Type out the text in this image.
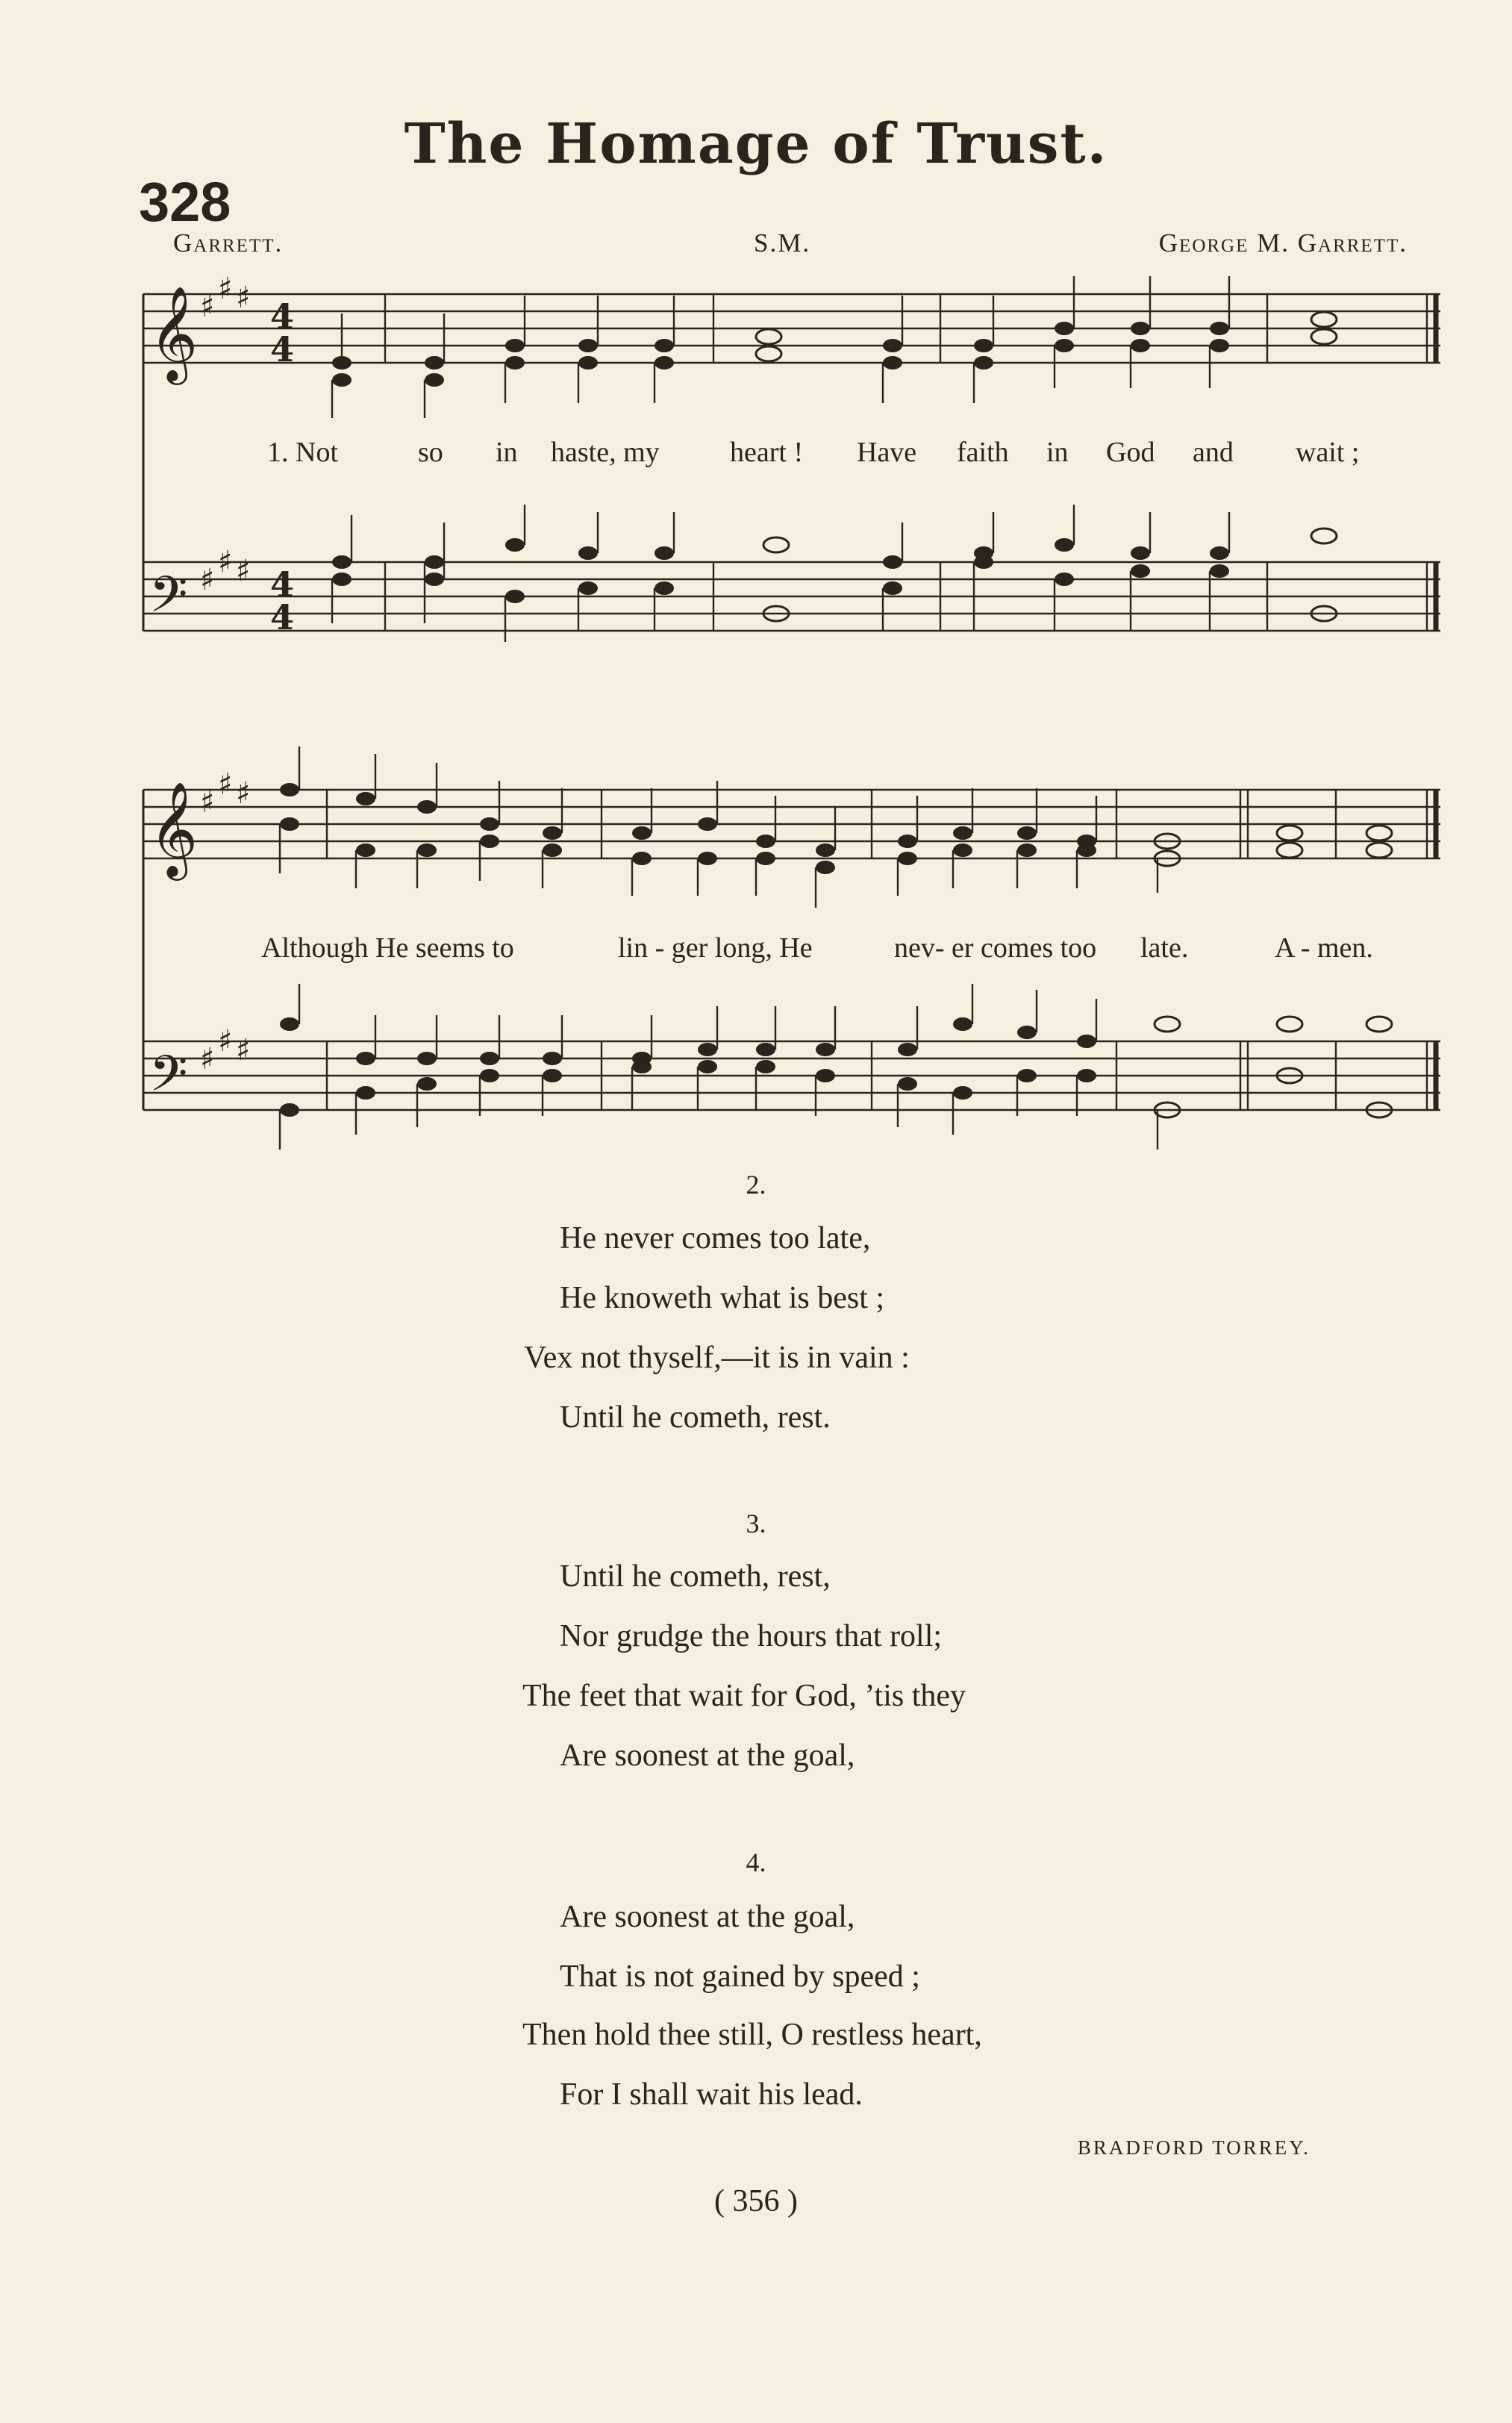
The Homage of Trust.
328
Garrett.	S.M.	George M. Garrett.
𝄞
𝄢
𝄞
𝄢
♯
♯ ♯
♯
♯ ♯
♯
♯ ♯
♯
♯ ♯
4
4
4
4
1. Not	so in haste, my heart ! Have faith in God and wait ;
Although He seems to	lin - ger long, He	nev- er comes too late.	A - men.
2.
He never comes too late,
He knoweth what is best ;
Vex not thyself,—it is in vain :
Until he cometh, rest.
3.
Until he cometh, rest,
Nor grudge the hours that roll;
The feet that wait for God, ’tis they
Are soonest at the goal,
4.
Are soonest at the goal,
That is not gained by speed ;
Then hold thee still, O restless heart,
For I shall wait his lead.
BRADFORD TORREY.
( 356 )
